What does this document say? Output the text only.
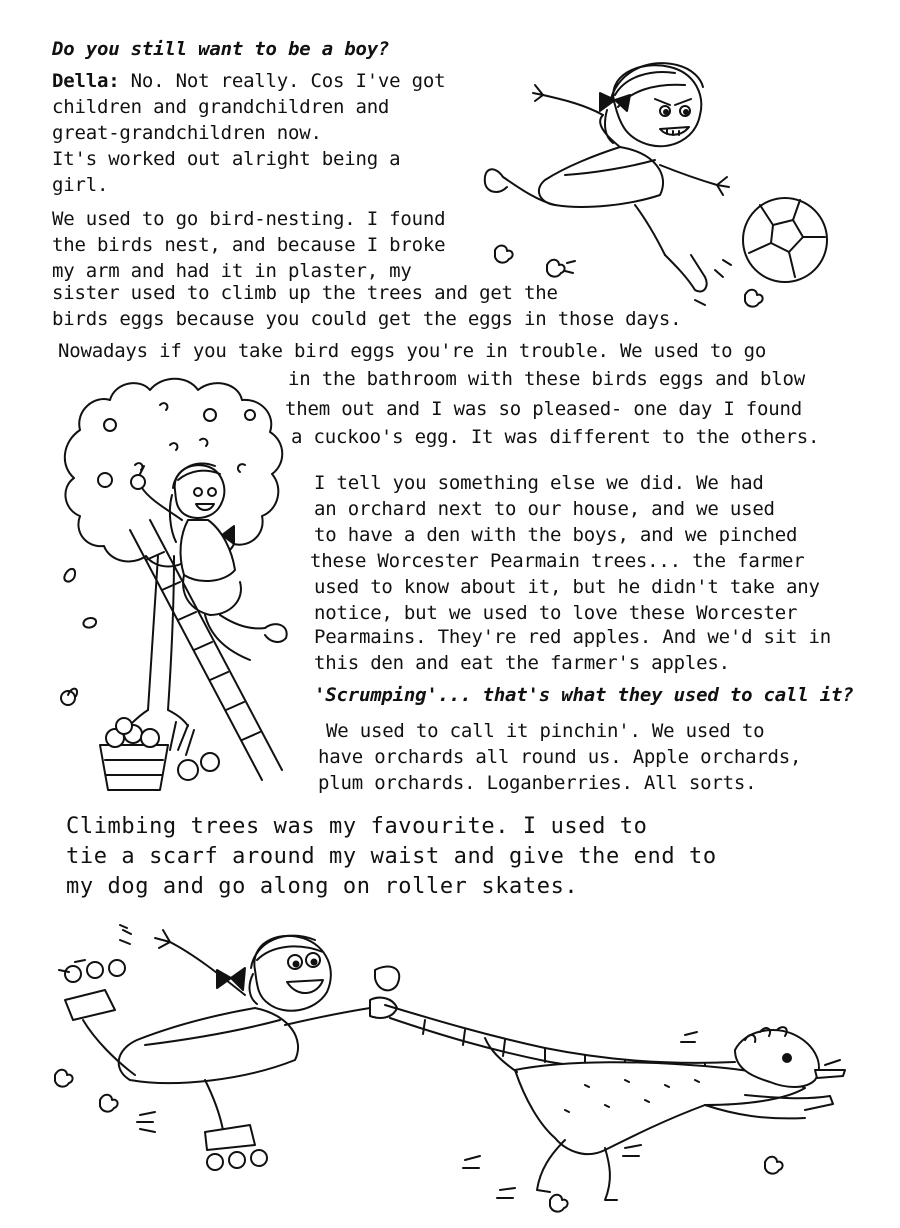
Do you still want to be a boy?
Della: No. Not really. Cos I've got
children and grandchildren and
great-grandchildren now.
It's worked out alright being a
girl.
We used to go bird-nesting. I found
the birds nest, and because I broke
my arm and had it in plaster, my
sister used to climb up the trees and get the
birds eggs because you could get the eggs in those days.
Nowadays if you take bird eggs you're in trouble. We used to go
in the bathroom with these birds eggs and blow
them out and I was so pleased- one day I found
a cuckoo's egg. It was different to the others.
I tell you something else we did. We had
an orchard next to our house, and we used
to have a den with the boys, and we pinched
these Worcester Pearmain trees... the farmer
used to know about it, but he didn't take any
notice, but we used to love these Worcester
Pearmains. They're red apples. And we'd sit in
this den and eat the farmer's apples.
'Scrumping'... that's what they used to call it?
We used to call it pinchin'. We used to
have orchards all round us. Apple orchards,
plum orchards. Loganberries. All sorts.
Climbing trees was my favourite. I used to
tie a scarf around my waist and give the end to
my dog and go along on roller skates.
